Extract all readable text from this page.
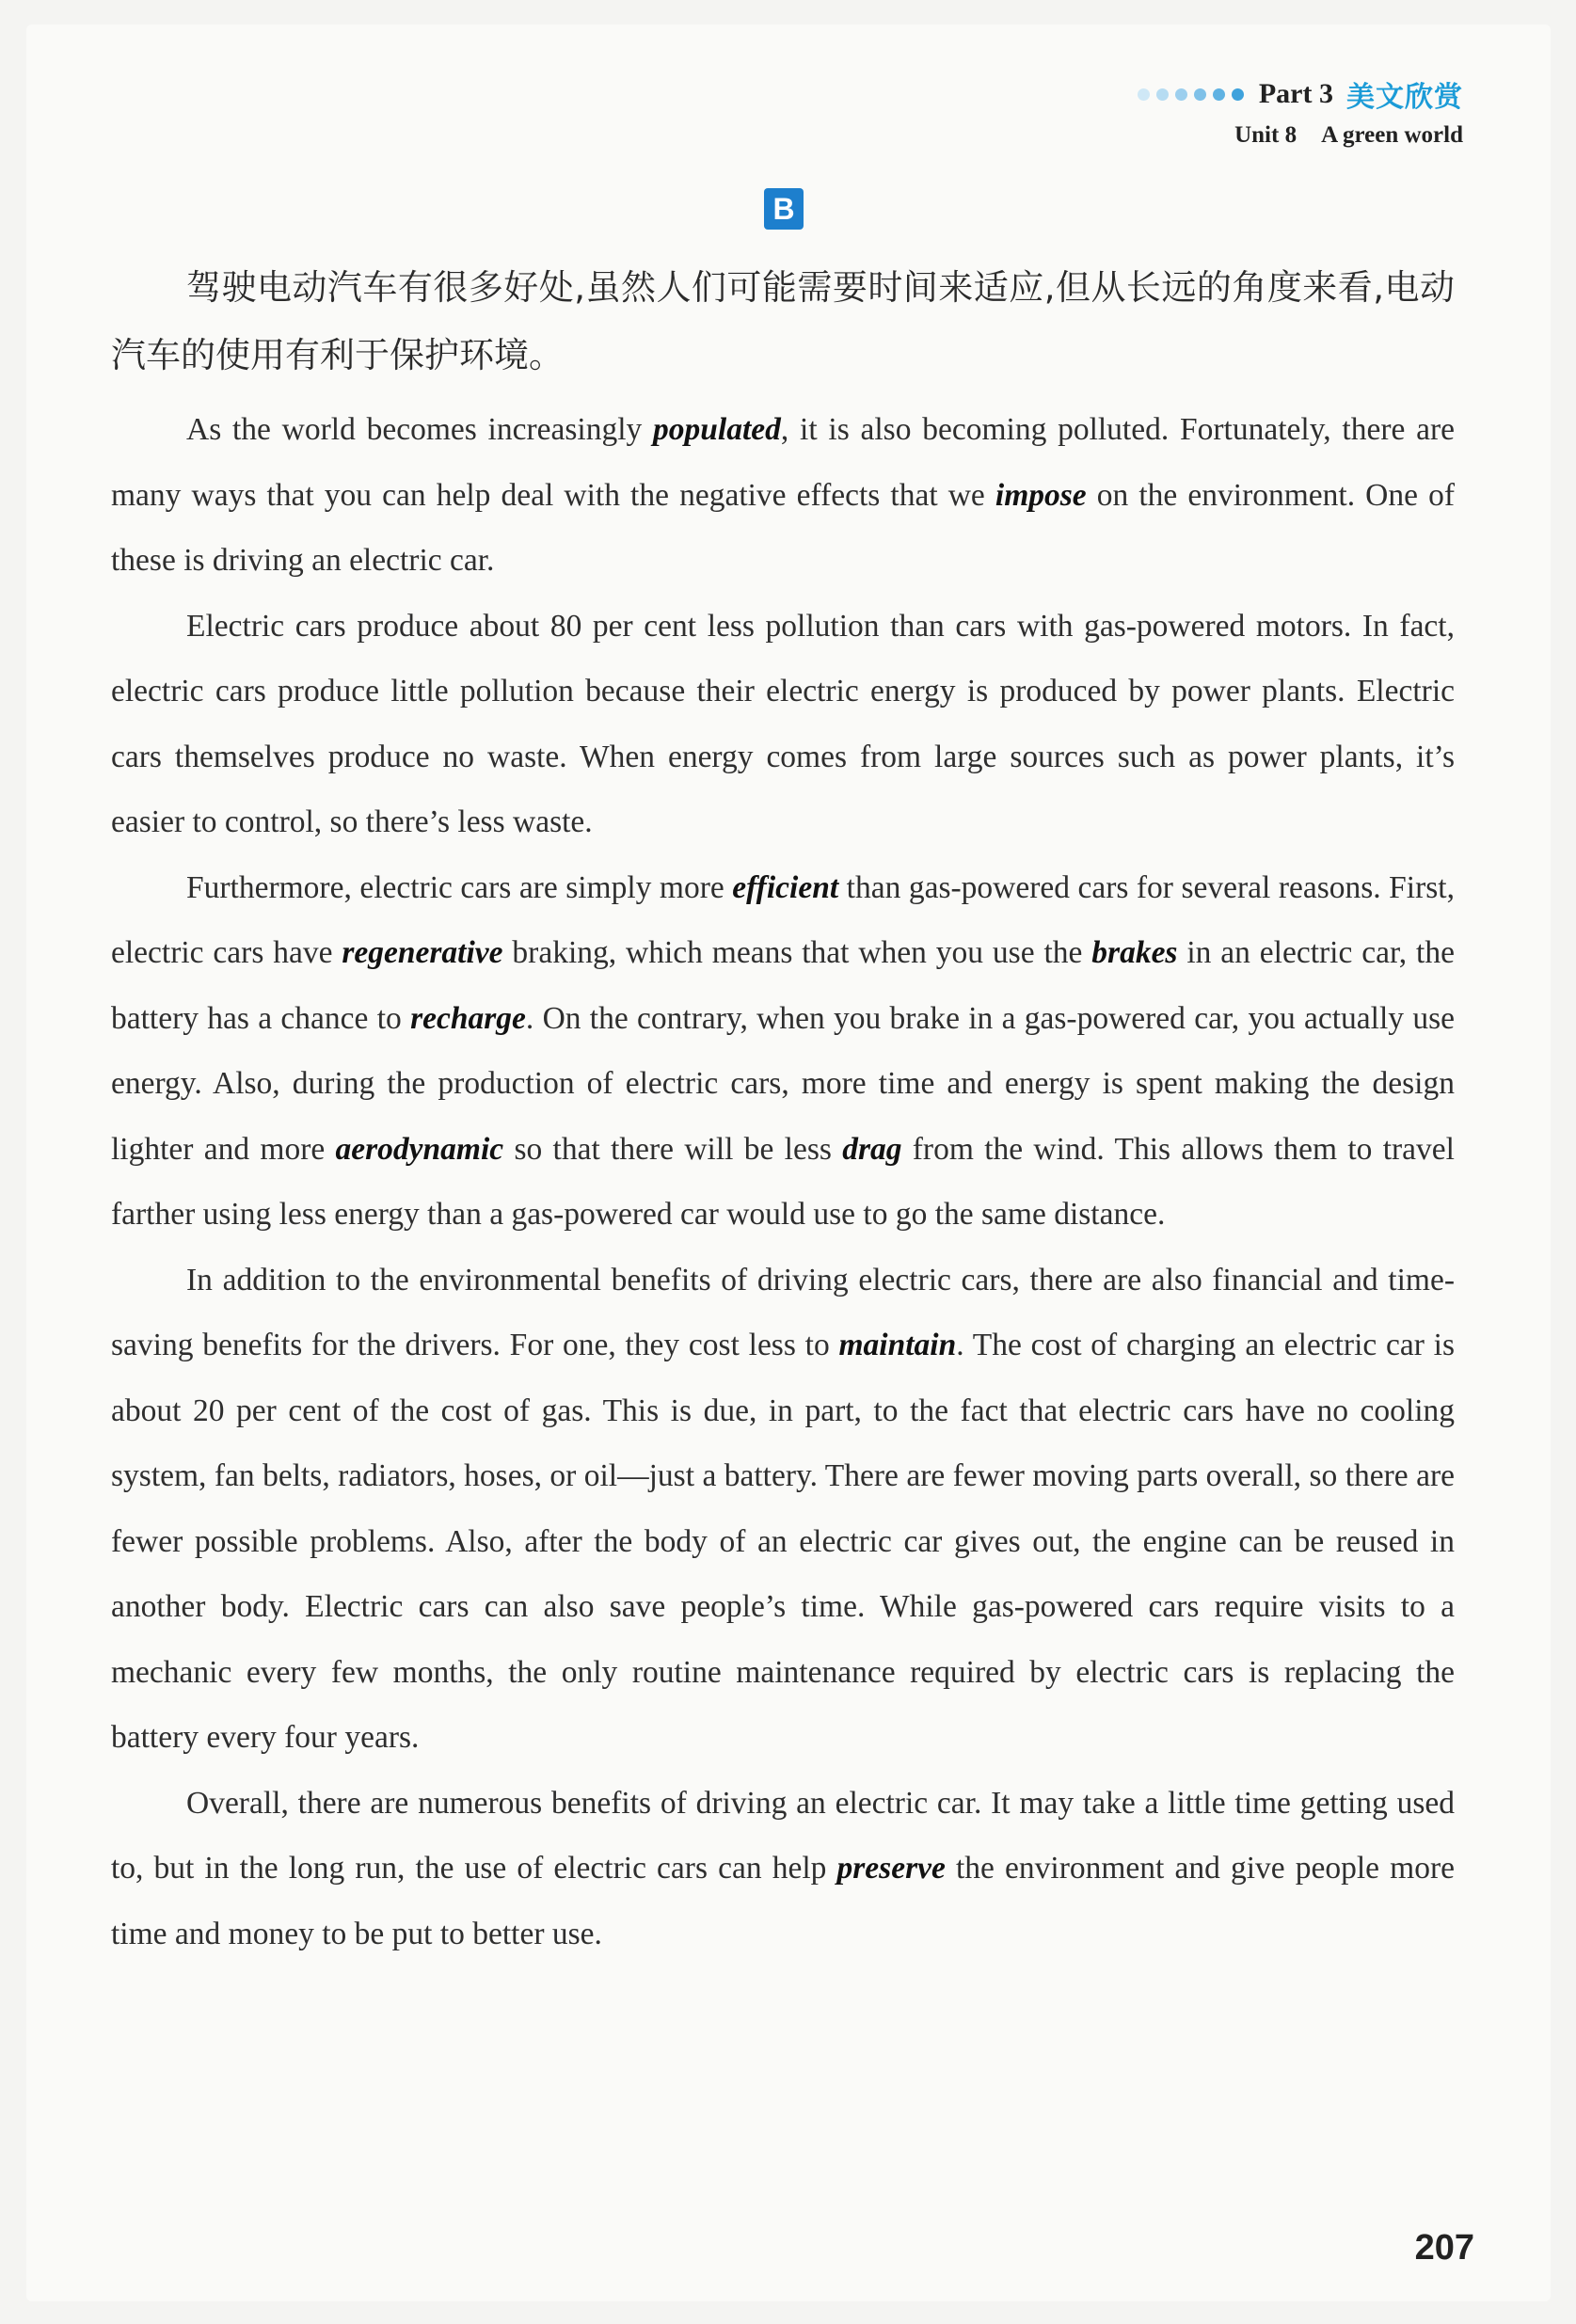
Part 3 美文欣赏
Unit 8 A green world
B

驾驶电动汽车有很多好处,虽然人们可能需要时间来适应,但从长远的角度来看,电动汽车的使用有利于保护环境。

As the world becomes increasingly populated, it is also becoming polluted. Fortunately, there are many ways that you can help deal with the negative effects that we impose on the environment. One of these is driving an electric car.

Electric cars produce about 80 per cent less pollution than cars with gas-powered motors. In fact, electric cars produce little pollution because their electric energy is produced by power plants. Electric cars themselves produce no waste. When energy comes from large sources such as power plants, it’s easier to control, so there’s less waste.

Furthermore, electric cars are simply more efficient than gas-powered cars for several reasons. First, electric cars have regenerative braking, which means that when you use the brakes in an electric car, the battery has a chance to recharge. On the contrary, when you brake in a gas-powered car, you actually use energy. Also, during the production of electric cars, more time and energy is spent making the design lighter and more aerodynamic so that there will be less drag from the wind. This allows them to travel farther using less energy than a gas-powered car would use to go the same distance.

In addition to the environmental benefits of driving electric cars, there are also financial and time-saving benefits for the drivers. For one, they cost less to maintain. The cost of charging an electric car is about 20 per cent of the cost of gas. This is due, in part, to the fact that electric cars have no cooling system, fan belts, radiators, hoses, or oil—just a battery. There are fewer moving parts overall, so there are fewer possible problems. Also, after the body of an electric car gives out, the engine can be reused in another body. Electric cars can also save people’s time. While gas-powered cars require visits to a mechanic every few months, the only routine maintenance required by electric cars is replacing the battery every four years.

Overall, there are numerous benefits of driving an electric car. It may take a little time getting used to, but in the long run, the use of electric cars can help preserve the environment and give people more time and money to be put to better use.

207
